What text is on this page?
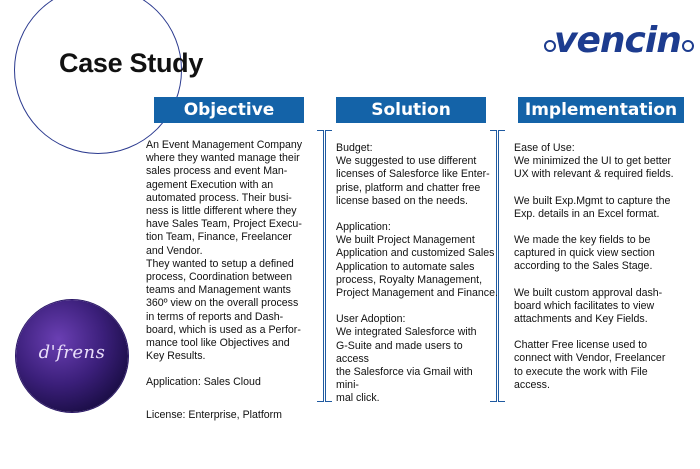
Case Study
vencin
Objective	Solution	Implementation

An Event Management Company
where they wanted manage their
sales process and event Man-
agement Execution with an
automated process. Their busi-
ness is little different where they
have Sales Team, Project Execu-
tion Team, Finance, Freelancer
and Vendor.
They wanted to setup a defined
process, Coordination between
teams and Management wants
360º view on the overall process
in terms of reports and Dash-
board, which is used as a Perfor-
mance tool like Objectives and
Key Results.

Application: Sales Cloud

License: Enterprise, Platform

Budget:
We suggested to use different
licenses of Salesforce like Enter-
prise, platform and chatter free
license based on the needs.

Application:
We built Project Management
Application and customized Sales
Application to automate sales
process, Royalty Management,
Project Management and Finance.

User Adoption:
We integrated Salesforce with
G-Suite and made users to access
the Salesforce via Gmail with mini-
mal click.

Ease of Use:
We minimized the UI to get better
UX with relevant & required fields.

We built Exp.Mgmt to capture the
Exp. details in an Excel format.

We made the key fields to be
captured in quick view section
according to the Sales Stage.

We built custom approval dash-
board which facilitates to view
attachments and Key Fields.

Chatter Free license used to
connect with Vendor, Freelancer
to execute the work with File
access.

d'frens
